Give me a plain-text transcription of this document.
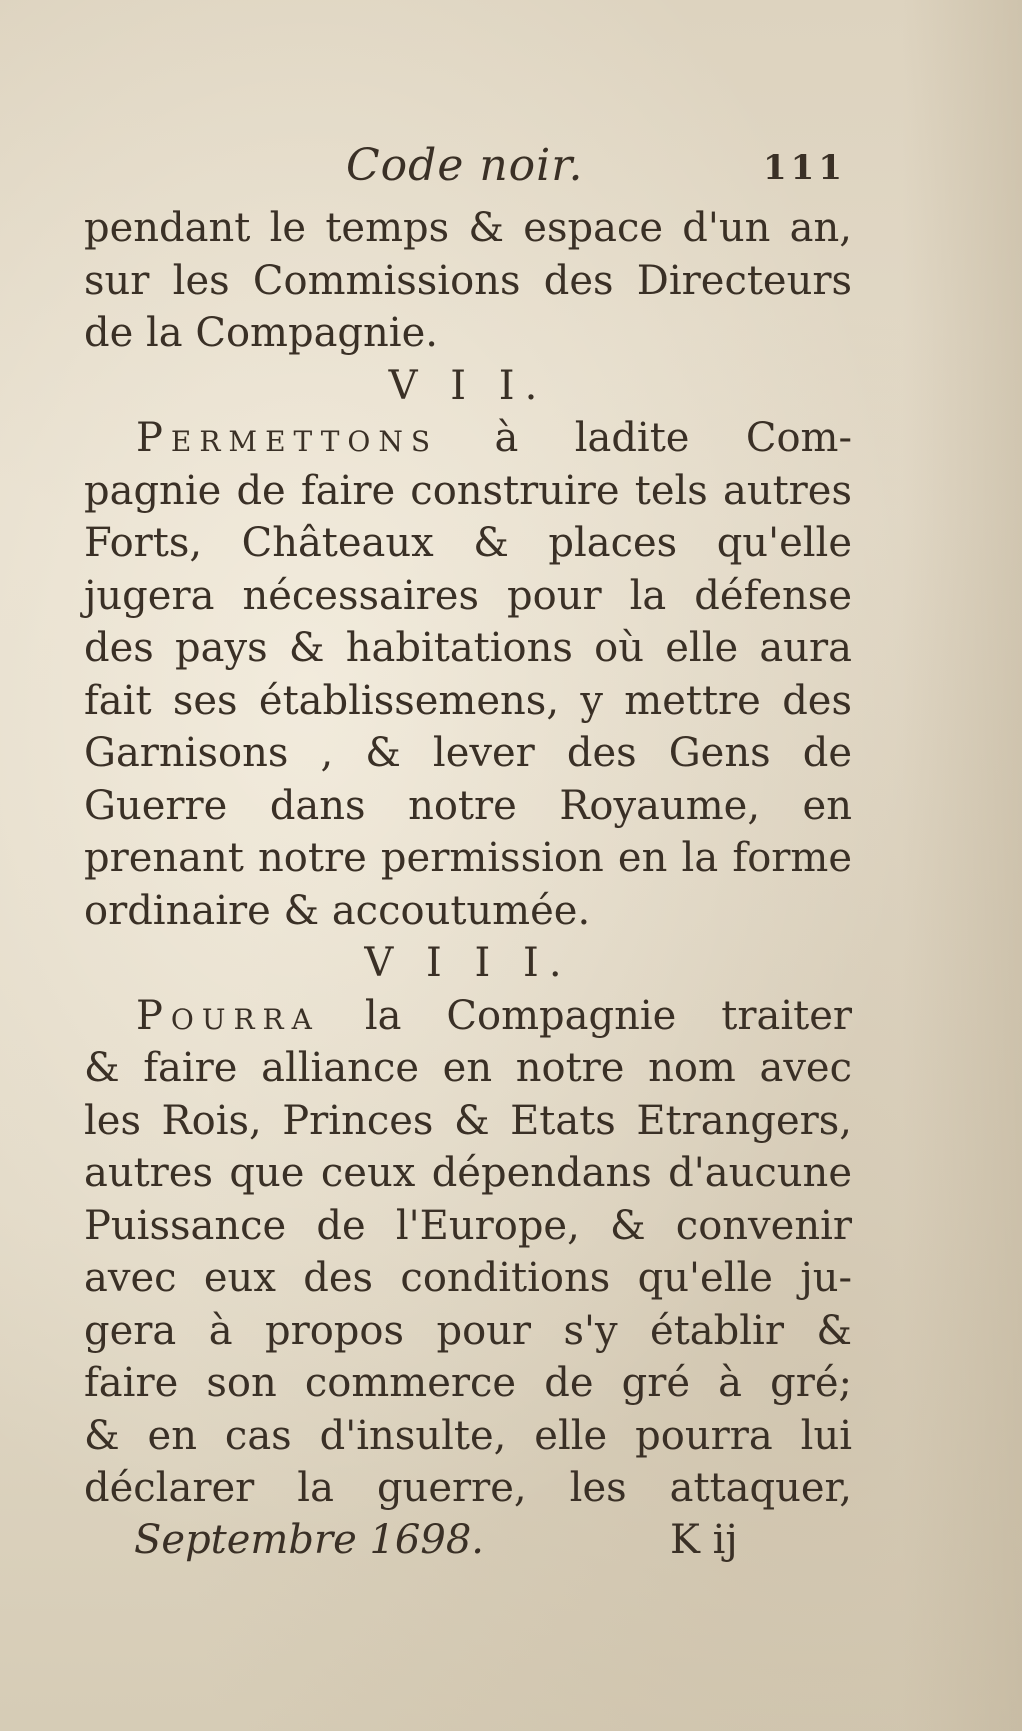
Code noir.	111
pendant le temps & espace d'un an,
sur les Commissions des Directeurs
de la Compagnie.
V I I.
Permettons à ladite Com-
pagnie de faire construire tels autres
Forts, Châteaux & places qu'elle
jugera nécessaires pour la défense
des pays & habitations où elle aura
fait ses établissemens, y mettre des
Garnisons , & lever des Gens de
Guerre dans notre Royaume, en
prenant notre permission en la forme
ordinaire & accoutumée.
V I I I.
Pourra la Compagnie traiter
& faire alliance en notre nom avec
les Rois, Princes & Etats Etrangers,
autres que ceux dépendans d'aucune
Puissance de l'Europe, & convenir
avec eux des conditions qu'elle ju-
gera à propos pour s'y établir &
faire son commerce de gré à gré;
& en cas d'insulte, elle pourra lui
déclarer la guerre, les attaquer,
Septembre 1698.	K ij
